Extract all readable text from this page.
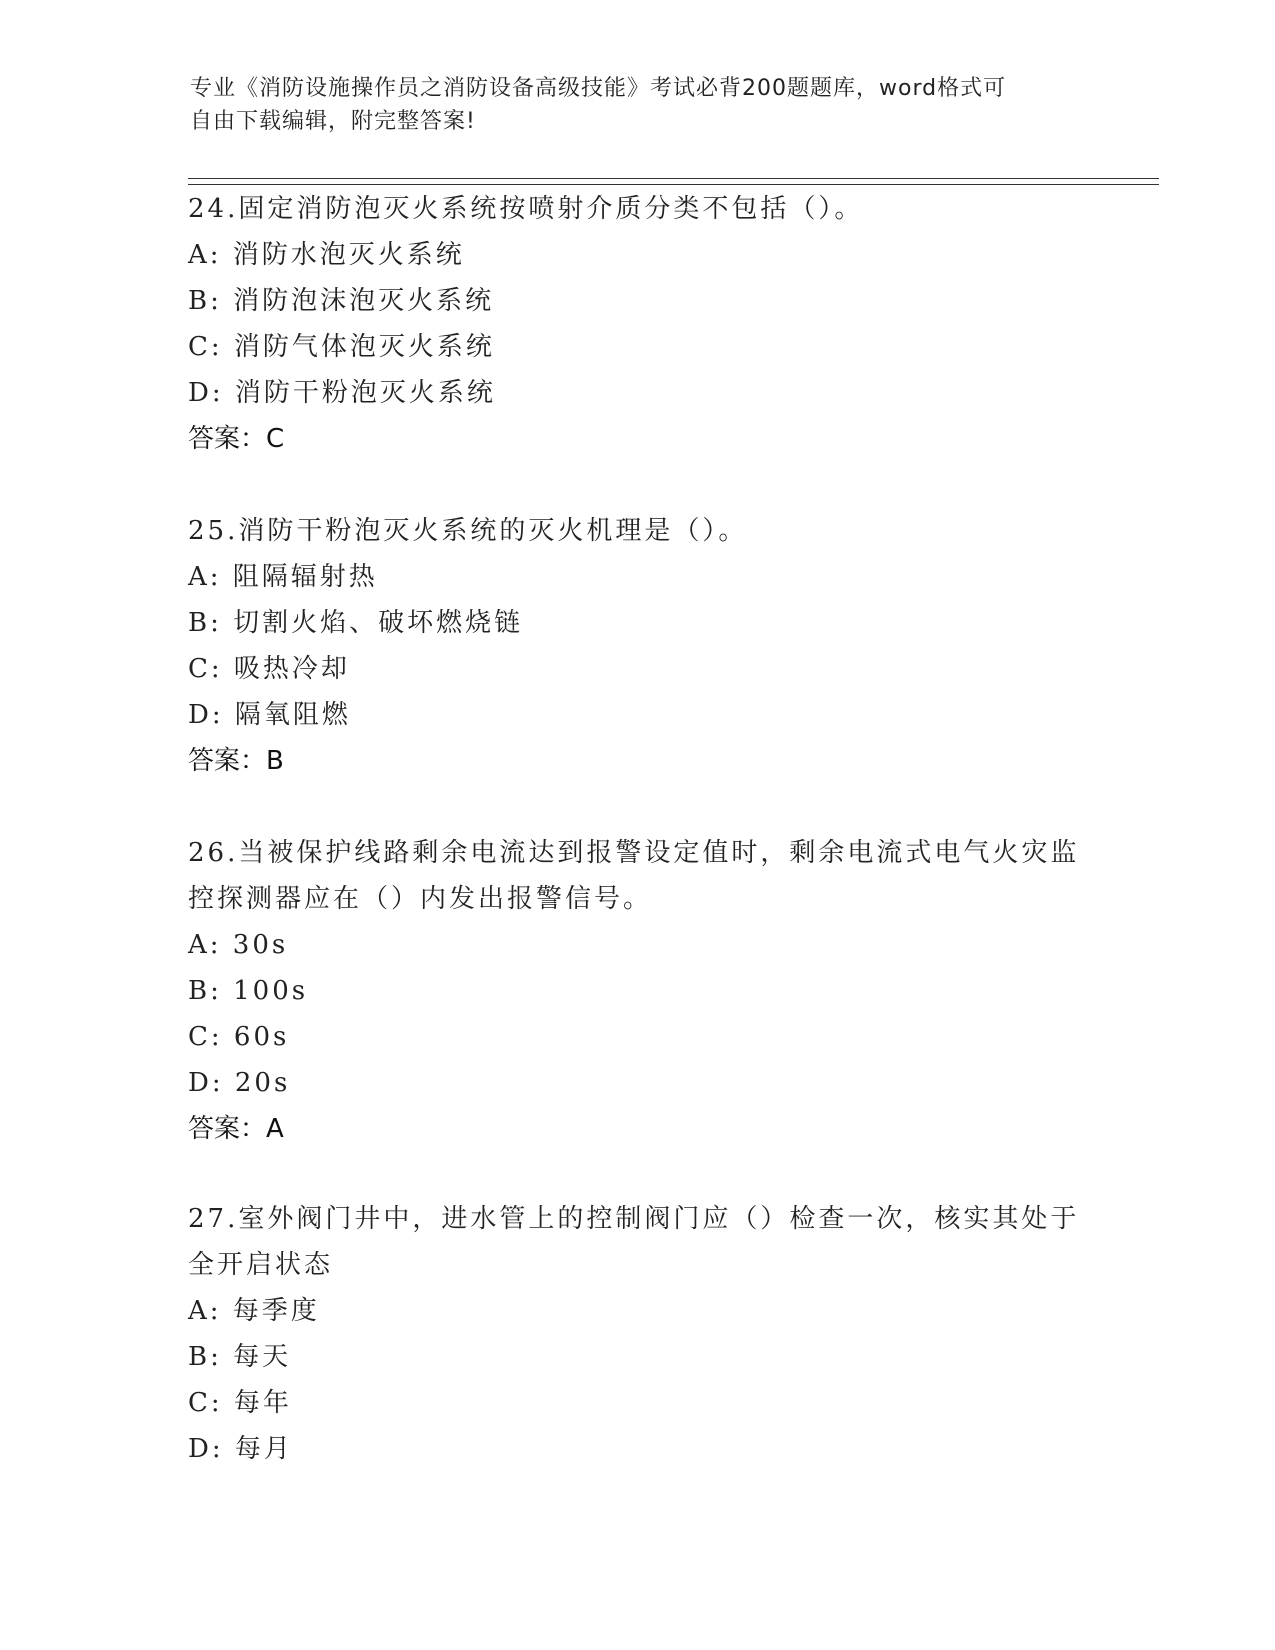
专业《消防设施操作员之消防设备高级技能》考试必背200题题库，word格式可
自由下载编辑，附完整答案!

24.固定消防泡灭火系统按喷射介质分类不包括（）。

A: 消防水泡灭火系统

B: 消防泡沫泡灭火系统

C: 消防气体泡灭火系统

D: 消防干粉泡灭火系统

答案：C

25.消防干粉泡灭火系统的灭火机理是（）。

A: 阻隔辐射热

B: 切割火焰、破坏燃烧链

C: 吸热冷却

D: 隔氧阻燃

答案：B

26.当被保护线路剩余电流达到报警设定值时，剩余电流式电气火灾监

控探测器应在（）内发出报警信号。

A: 30s

B: 100s

C: 60s

D: 20s

答案：A

27.室外阀门井中，进水管上的控制阀门应（）检查一次，核实其处于

全开启状态

A: 每季度

B: 每天

C: 每年

D: 每月
